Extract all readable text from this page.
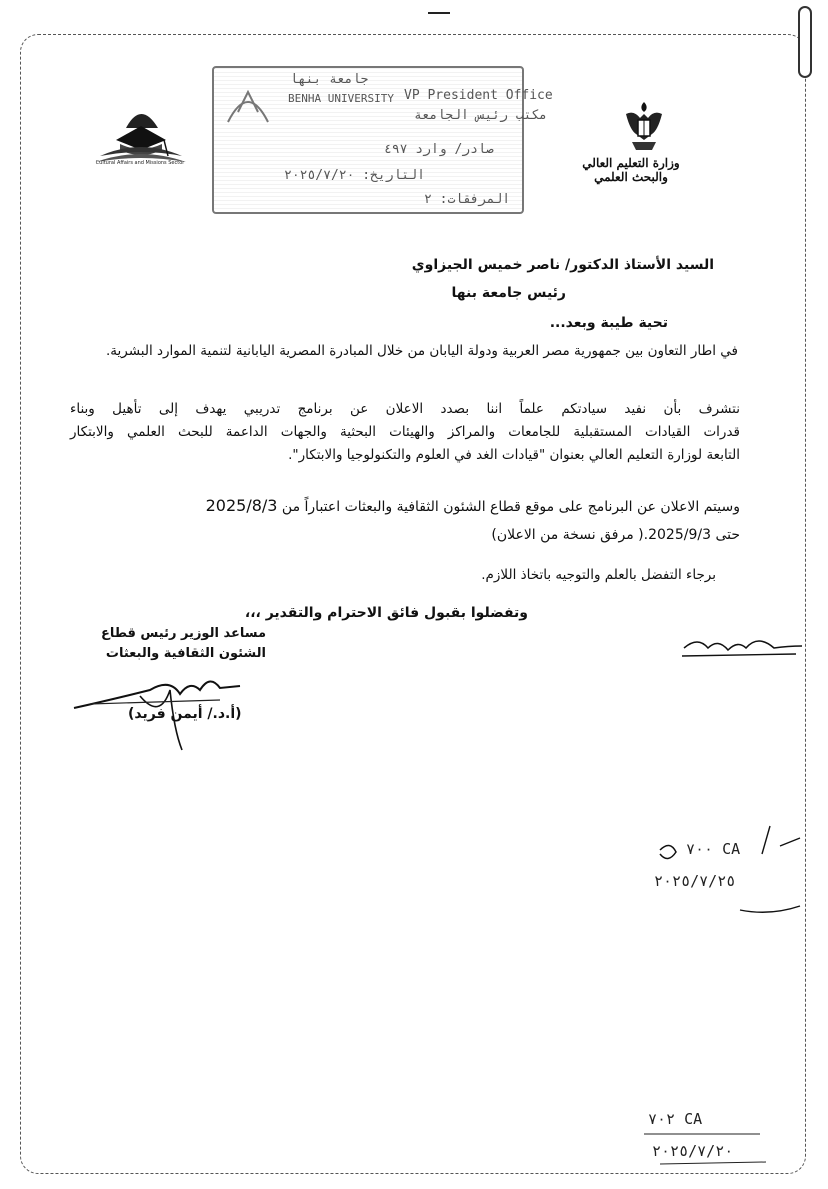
Cultural Affairs and Missions Sector	وزارة التعليم العالي والبحث العلمي
جامعة بنها
BENHA UNIVERSITY VP President Office
مكتب رئيس الجامعة
صادر/ وارد ٤٩٧
التاريخ: ٢٠٢٥/٧/٢٠
المرفقات: ٢
السيد الأستاذ الدكتور/ ناصر خميس الجيزاوي
رئيس جامعة بنها
تحية طيبة وبعد...
في اطار التعاون بين جمهورية مصر العربية ودولة اليابان من خلال المبادرة المصرية اليابانية لتنمية الموارد البشرية.
نتشرف بأن نفيد سيادتكم علماً اننا بصدد الاعلان عن برنامج تدريبي يهدف إلى تأهيل وبناء
قدرات القيادات المستقبلية للجامعات والمراكز والهيئات البحثية والجهات الداعمة للبحث العلمي والابتكار
التابعة لوزارة التعليم العالي بعنوان "قيادات الغد في العلوم والتكنولوجيا والابتكار".
وسيتم الاعلان عن البرنامج على موقع قطاع الشئون الثقافية والبعثات اعتباراً من 2025/8/3
حتى 2025/9/3.( مرفق نسخة من الاعلان)
برجاء التفضل بالعلم والتوجيه باتخاذ اللازم.
وتفضلوا بقبول فائق الاحترام والتقدير ،،،
مساعد الوزير رئيس قطاع
الشئون الثقافية والبعثات
(أ.د./ أيمن فريد)
٧٠٠ CA
٢٠٢٥/٧/٢٥
٧٠٢ CA
٢٠٢٥/٧/٢٠
